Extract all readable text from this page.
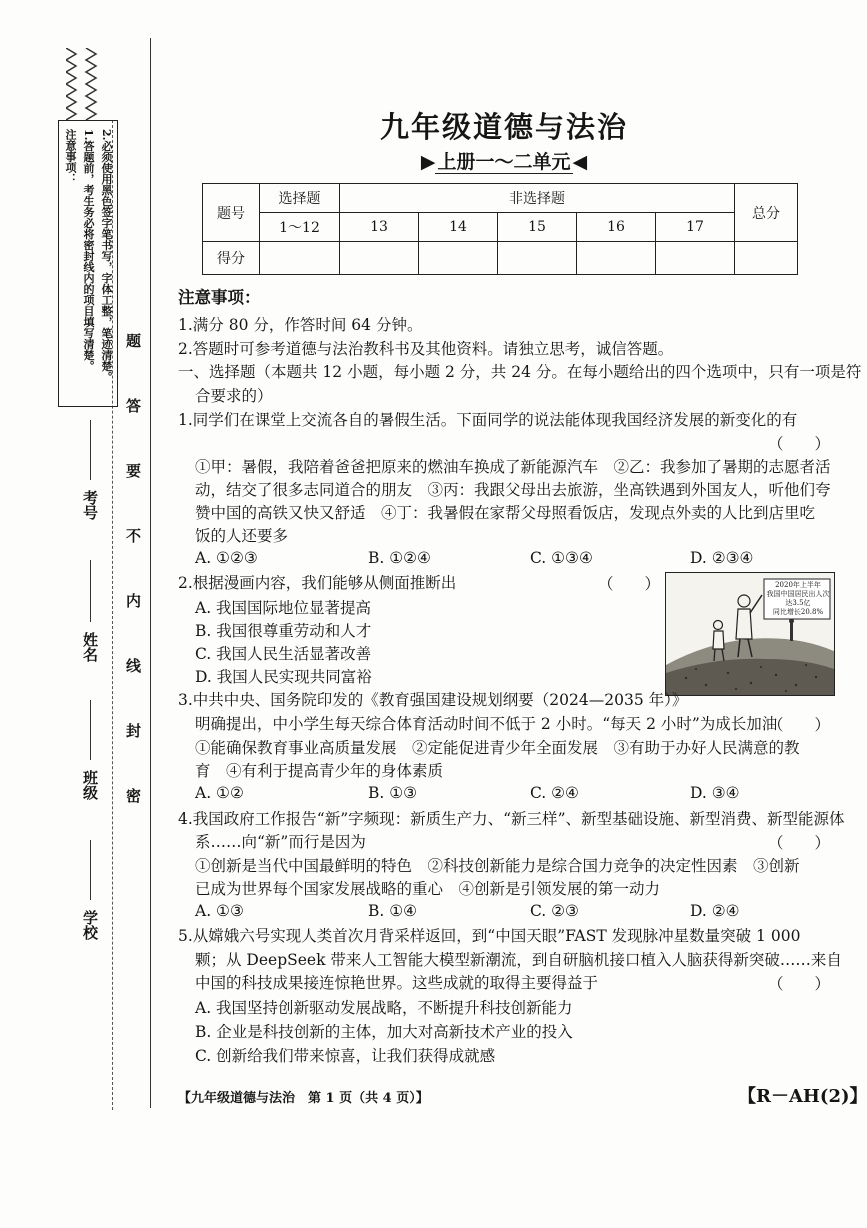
注意事项： 1.答题前，考生务必将密封线内的项目填写清楚。 2.必须使用黑色签字笔书写，字体工整，笔迹清楚。 题
答
要
不
内
线
封
密
考号
姓名
班级
学校
九年级道德与法治
▶ 上册一～二单元 ◀
题号	选择题	非选择题					总分
	1～12	13	14	15	16	17	
得分							
注意事项：
1.满分 80 分，作答时间 64 分钟。
2.答题时可参考道德与法治教科书及其他资料。请独立思考，诚信答题。
一、选择题（本题共 12 小题，每小题 2 分，共 24 分。在每小题给出的四个选项中，只有一项是符
合要求的）
1.同学们在课堂上交流各自的暑假生活。下面同学的说法能体现我国经济发展的新变化的有
（　　）
①甲：暑假，我陪着爸爸把原来的燃油车换成了新能源汽车　②乙：我参加了暑期的志愿者活
动，结交了很多志同道合的朋友　③丙：我跟父母出去旅游，坐高铁遇到外国友人，听他们夸
赞中国的高铁又快又舒适　④丁：我暑假在家帮父母照看饭店，发现点外卖的人比到店里吃
饭的人还要多
A. ①②③	B. ①②④	C. ①③④	D. ②③④
2.根据漫画内容，我们能够从侧面推断出	（　　）
A. 我国国际地位显著提高
B. 我国很尊重劳动和人才
C. 我国人民生活显著改善
D. 我国人民实现共同富裕
2020年上半年
我国中国居民出人次
达3.5亿
同比增长20.8%
3.中共中央、国务院印发的《教育强国建设规划纲要（2024—2035 年）》
明确提出，中小学生每天综合体育活动时间不低于 2 小时。“每天 2 小时”为成长加油
（　　）
①能确保教育事业高质量发展　②定能促进青少年全面发展　③有助于办好人民满意的教
育　④有利于提高青少年的身体素质
A. ①②	B. ①③	C. ②④	D. ③④
4.我国政府工作报告“新”字频现：新质生产力、“新三样”、新型基础设施、新型消费、新型能源体
系……向“新”而行是因为	（　　）
①创新是当代中国最鲜明的特色　②科技创新能力是综合国力竞争的决定性因素　③创新
已成为世界每个国家发展战略的重心　④创新是引领发展的第一动力
A. ①③	B. ①④	C. ②③	D. ②④
5.从嫦娥六号实现人类首次月背采样返回，到“中国天眼”FAST 发现脉冲星数量突破 1 000
颗；从 DeepSeek 带来人工智能大模型新潮流，到自研脑机接口植入人脑获得新突破……来自
中国的科技成果接连惊艳世界。这些成就的取得主要得益于	（　　）
A. 我国坚持创新驱动发展战略，不断提升科技创新能力
B. 企业是科技创新的主体，加大对高新技术产业的投入
C. 创新给我们带来惊喜，让我们获得成就感
【九年级道德与法治　第 1 页（共 4 页）】	【R－AH(2)】
